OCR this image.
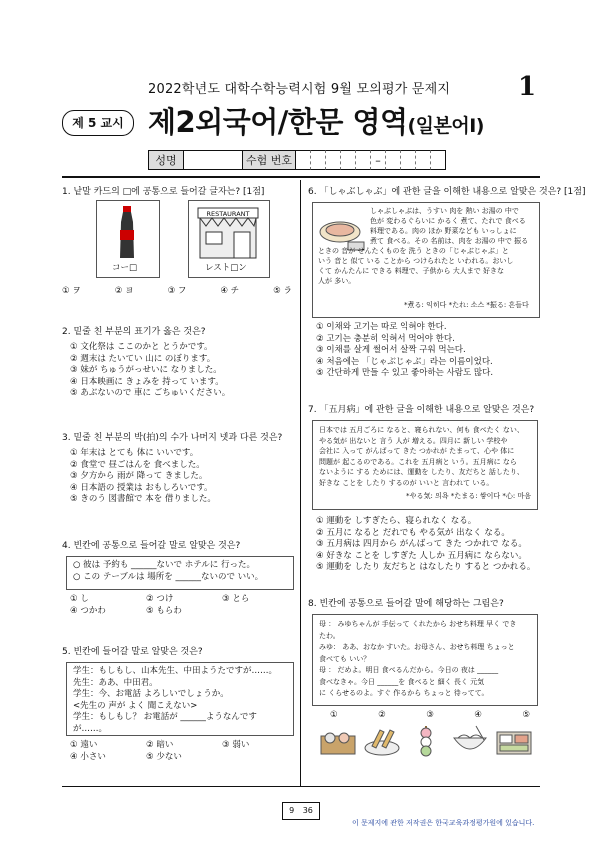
2022학년도 대학수학능력시험 9월 모의평가 문제지	1
제 5 교시 제2외국어/한문 영역(일본어Ⅰ)
성명	수험 번호	–
1. 낱말 카드의 □에 공통으로 들어갈 글자는? [1점]
コー□
RESTAURANT
レスト□ン
① ヲ	② ヨ	③ フ	④ チ	⑤ ラ
2. 밑줄 친 부분의 표기가 옳은 것은?
① 文化祭は ここのかと とうかです。
② 週末は たいてい 山に のぼります。
③ 妹が ちゅうがっせいに なりました。
④ 日本映画に きょみを 持って います。
⑤ あぶないので 車に ごちゅいください。
3. 밑줄 친 부분의 박(拍)의 수가 나머지 넷과 다른 것은?
① 年末は とても 体に いいです。
② 食堂で 昼ごはんを 食べました。
③ 夕方から 雨が 降って きました。
④ 日本語の 授業は おもしろいです。
⑤ きのう 図書館で 本を 借りました。
4. 빈칸에 공통으로 들어갈 말로 알맞은 것은?
○ 彼は 予約も ______ないで ホテルに 行った。
○ この テーブルは 場所を ______ないので いい。
① し	② つけ	③ とら
④ つかわ	⑤ もらわ
5. 빈칸에 들어갈 말로 알맞은 것은?
学生：もしもし、山本先生、中田ようたですが……。
先生：ああ、中田君。
学生：今、お電話 よろしいでしょうか。
<先生の 声が よく 聞こえない>
学生：もしもし？ お電話が ______ようなんですが……。
① 遠い	② 暗い	③ 弱い
④ 小さい	⑤ 少ない
6. 「しゃぶしゃぶ」에 관한 글을 이해한 내용으로 알맞은 것은? [1점]
しゃぶしゃぶは、うすい 肉を 熱い お湯の 中で
色が 変わるぐらいに かるく 煮て、たれで 食べる
料理である。肉の ほか 野菜なども いっしょに
煮て 食べる。その 名前は、肉を お湯の 中で 振る
ときの 音が せんたくものを 洗う ときの「じゃぶじゃぶ」と
いう 音と 似て いる ことから つけられたと いわれる。おいし
くて かんたんに できる 料理で、子供から 大人まで 好きな
人が 多い。
*煮る: 익히다 *たれ: 소스 *振る: 흔들다
① 이채와 고기는 따로 익혀야 한다.
② 고기는 충분히 익혀서 먹어야 한다.
③ 이채를 살게 썰어서 살짝 구워 먹는다.
④ 처음에는 「じゃぶじゃぶ」라는 이름이었다.
⑤ 간단하게 만들 수 있고 좋아하는 사람도 많다.
7. 「五月病」에 관한 글을 이해한 내용으로 알맞은 것은?
日本では 五月ごろに なると、寝られない、何も 食べたく ない、
やる気が 出ないと 言う 人が 増える。四月に 新しい 学校や
会社に 入って がんばって きた つかれが たまって、心や 体に
問題が 起こるのである。これを 五月病と いう。五月病に なら
ないように する ためには、運動を したり、友だちと 話したり、
好きな ことを したり するのが いいと 言われて いる。
*やる気: 의욕 *たまる: 쌓이다 *心: 마음
① 運動を しすぎたら、寝られなく なる。
② 五月に なると だれでも やる気が 出なく なる。
③ 五月病は 四月から がんばって きた つかれで なる。
④ 好きな ことを しすぎた 人しか 五月病に ならない。
⑤ 運動を したり 友だちと はなしたり すると つかれる。
8. 빈칸에 공통으로 들어갈 말에 해당하는 그림은?
母 ： みゆちゃんが 手伝って くれたから おせち料理 早く でき
たわ。
みゆ： ああ、おなか すいた。お母さん、おせち料理 ちょっと
食べても いい？
母 ： だめよ。明日 食べるんだから。今日の 夜は ______
食べなきゃ。今日 ______を 食べると 細く 長く 元気
に くらせるのよ。すぐ 作るから ちょっと 待ってて。
①	②	③	④	⑤
9 36
이 문제지에 관한 저작권은 한국교육과정평가원에 있습니다.
